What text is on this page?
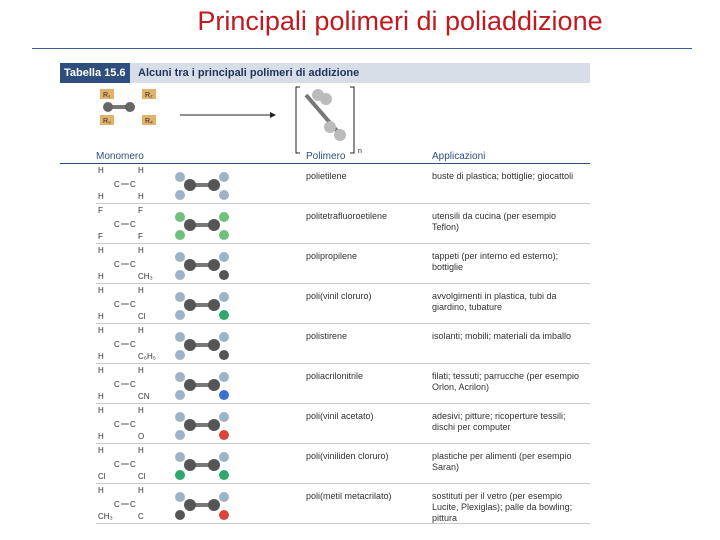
Principali polimeri di poliaddizione
Tabella 15.6	Alcuni tra i principali polimeri di addizione
R₁	R₂
R₃	R₄
n
Monomero	Polimero	Applicazioni
H	H
H	H
C C
polietilene	buste di plastica; bottiglie; giocattoli
F	F
F	F
C C
politetrafluoroetilene	utensili da cucina (per esempio Teflon)
H	H
H	CH₃
C C
polipropilene	tappeti (per interno ed esterno); bottiglie
H	H
H	Cl
C C
poli(vinil cloruro)	avvolgimenti in plastica, tubi da giardino, tubature
H	H
H	C₆H₅
C C
polistirene	isolanti; mobili; materiali da imballo
H	H
H	CN
C C
poliacrilonitrile	filati; tessuti; parrucche (per esempio Orlon, Acrilon)
H	H
H	O
C C
poli(vinil acetato)	adesivi; pitture; ricoperture tessili; dischi per computer
H	H
Cl	Cl
C C
poli(viniliden cloruro)	plastiche per alimenti (per esempio Saran)
H	H
CH₃	C
C C
poli(metil metacrilato)	sostituti per il vetro (per esempio Lucite, Plexiglas); palle da bowling; pittura
